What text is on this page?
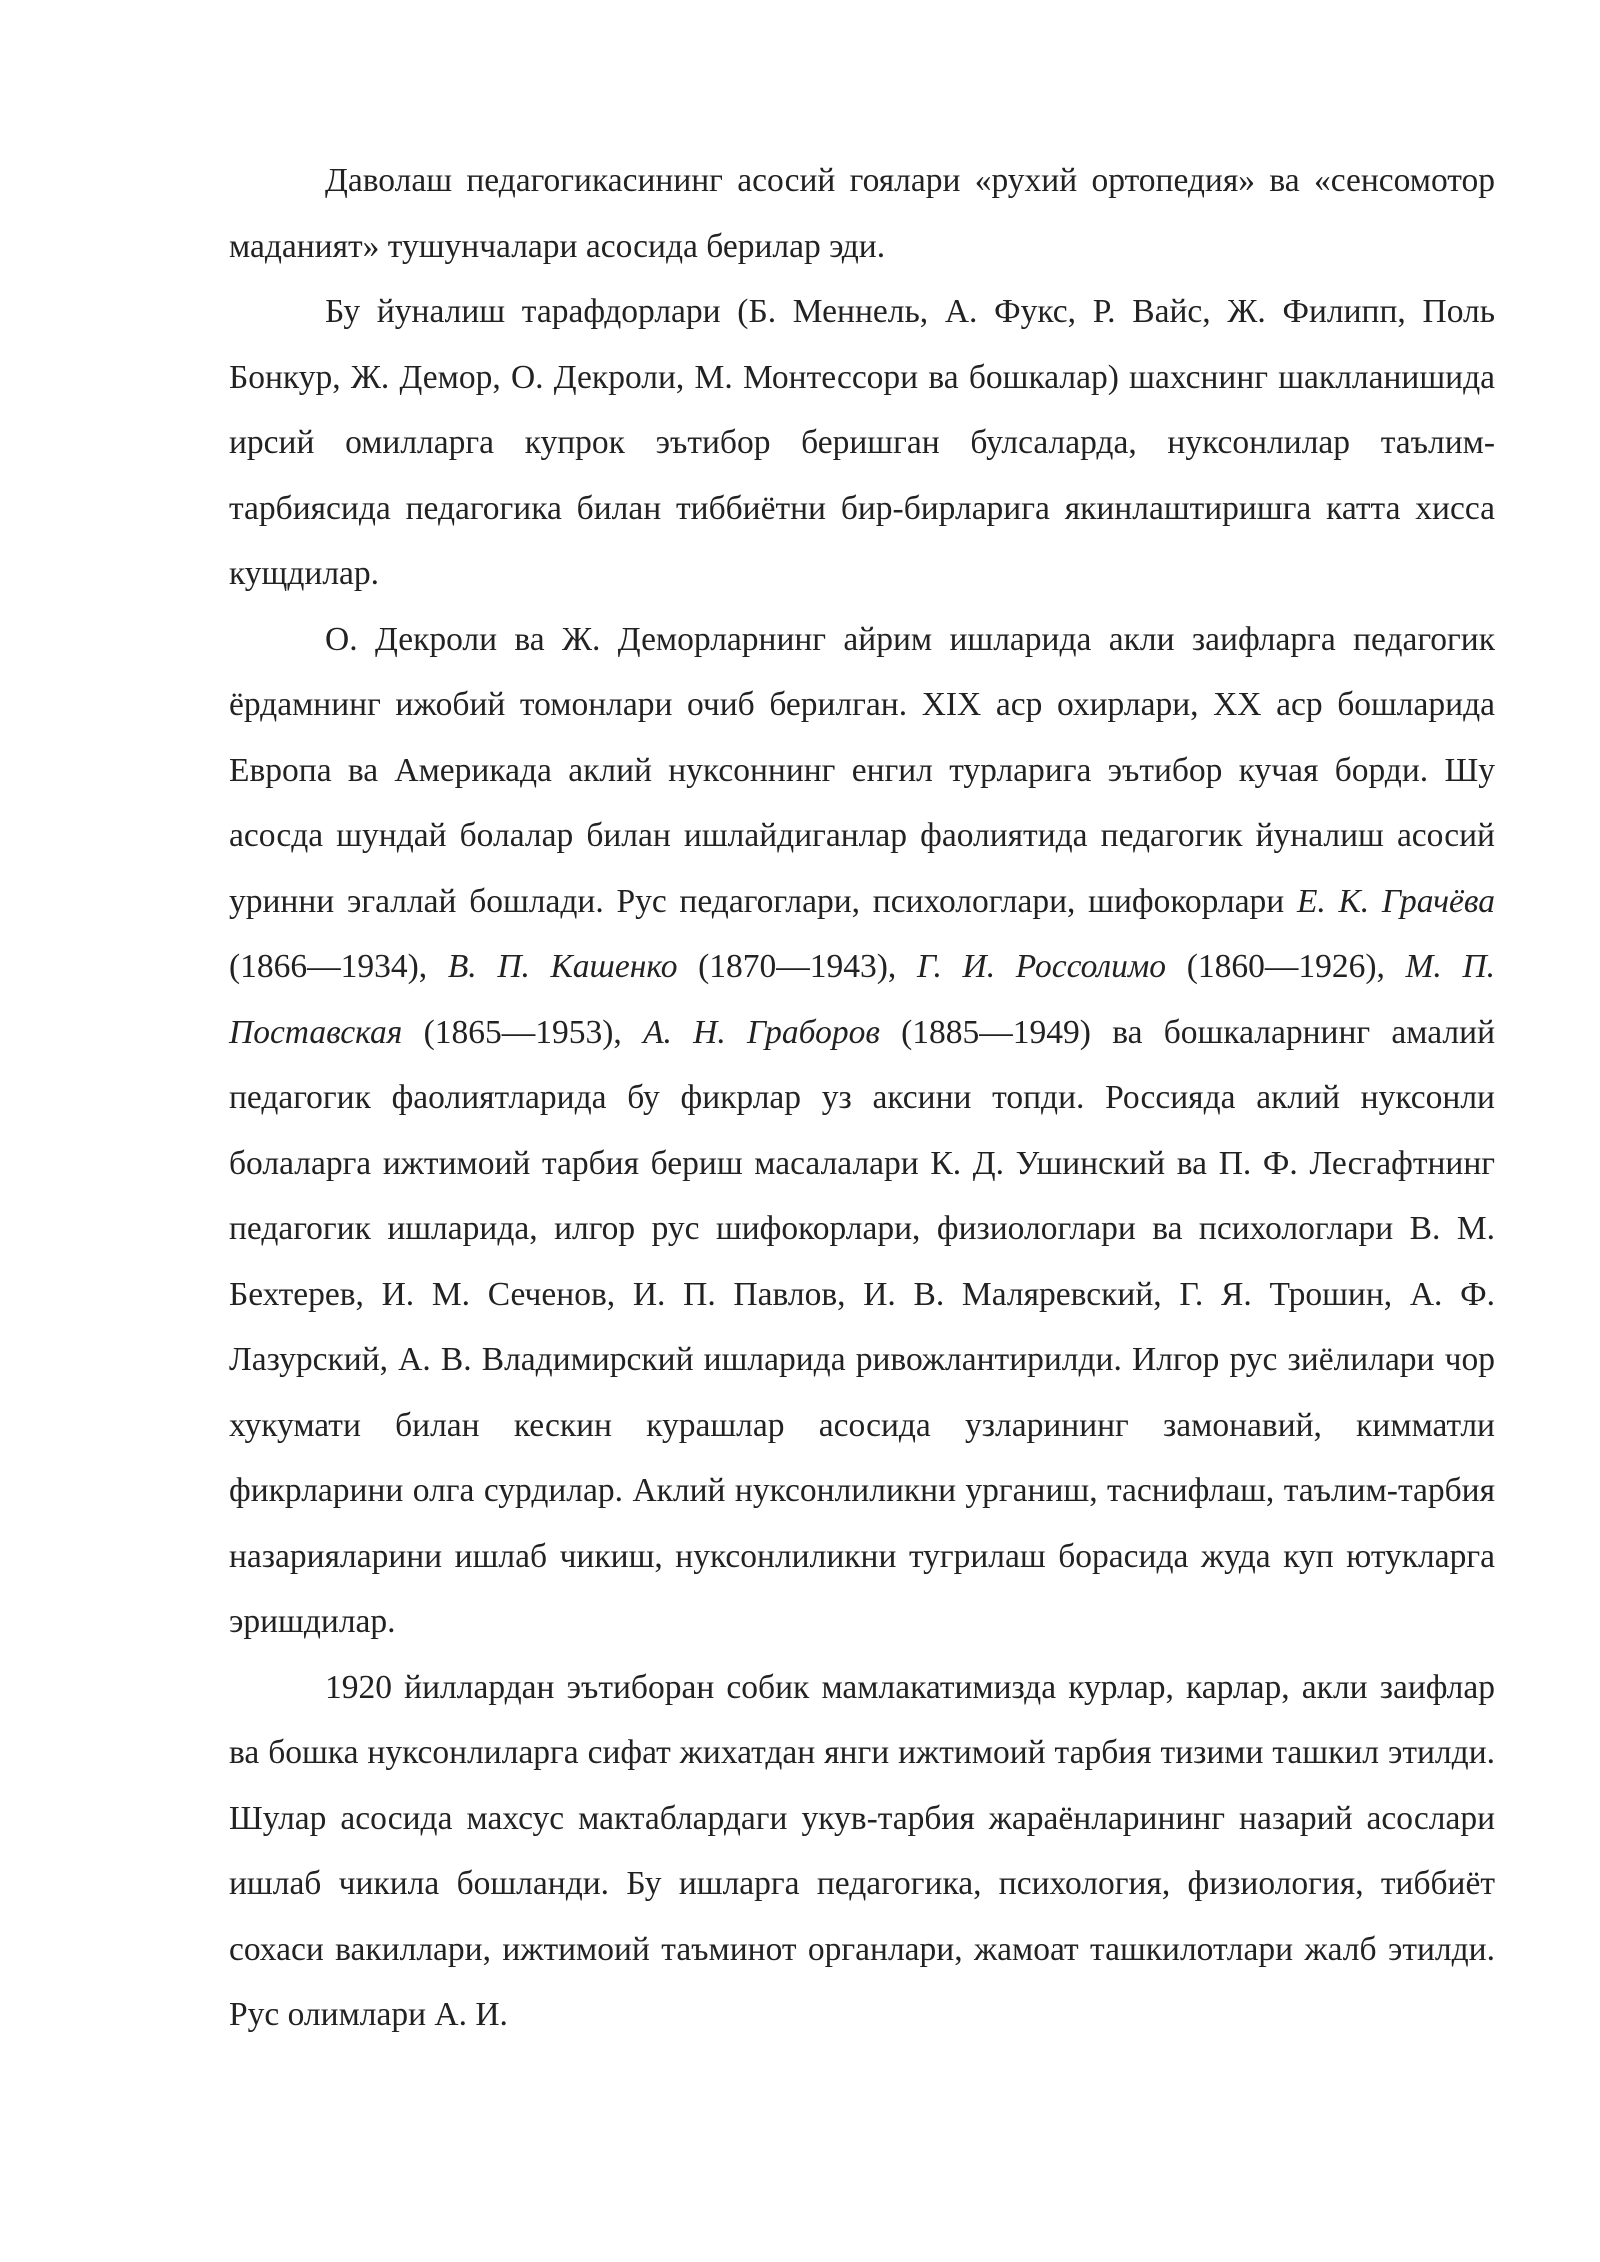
Даволаш педагогикасининг асосий гоялари «рухий ортопедия» ва «сенсомотор маданият» тушунчалари асосида берилар эди.

Бу йуналиш тарафдорлари (Б. Меннель, А. Фукс, Р. Вайс, Ж. Филипп, Поль Бонкур, Ж. Демор, О. Декроли, М. Монтессори ва бошкалар) шахснинг шаклланишида ирсий омилларга купрок эътибор беришган булсаларда, нуксонлилар таълим-тарбиясида педагогика билан тиббиётни бир-бирларига якинлаштиришга катта хисса кущдилар.

О. Декроли ва Ж. Деморларнинг айрим ишларида акли заифларга педагогик ёрдамнинг ижобий томонлари очиб берилган. XIX аср охирлари, XX аср бошларида Европа ва Америкада аклий нуксоннинг енгил турларига эътибор кучая борди. Шу асосда шундай болалар билан ишлайдиганлар фаолиятида педагогик йуналиш асосий уринни эгаллай бошлади. Рус педагоглари, психологлари, шифокорлари Е. К. Грачёва (1866—1934), В. П. Кашенко (1870—1943), Г. И. Россолимо (1860—1926), М. П. Поставская (1865—1953), А. Н. Граборов (1885—1949) ва бошкаларнинг амалий педагогик фаолиятларида бу фикрлар уз аксини топди. Россияда аклий нуксонли болаларга ижтимоий тарбия бериш масалалари К. Д. Ушинский ва П. Ф. Лесгафтнинг педагогик ишларида, илгор рус шифокорлари, физиологлари ва психологлари В. М. Бехтерев, И. М. Сеченов, И. П. Павлов, И. В. Маляревский, Г. Я. Трошин, А. Ф. Лазурский, А. В. Владимирский ишларида ривожлантирилди. Илгор рус зиёлилари чор хукумати билан кескин курашлар асосида узларининг замонавий, кимматли фикрларини олга сурдилар. Аклий нуксонлиликни урганиш, таснифлаш, таълим-тарбия назарияларини ишлаб чикиш, нуксонлиликни тугрилаш борасида жуда куп ютукларга эришдилар.

1920 йиллардан эътиборан собик мамлакатимизда курлар, карлар, акли заифлар ва бошка нуксонлиларга сифат жихатдан янги ижтимоий тарбия тизими ташкил этилди. Шулар асосида махсус мактаблардаги укув-тарбия жараёнларининг назарий асослари ишлаб чикила бошланди. Бу ишларга педагогика, психология, физиология, тиббиёт сохаси вакиллари, ижтимоий таъминот органлари, жамоат ташкилотлари жалб этилди. Рус олимлари А. И.
